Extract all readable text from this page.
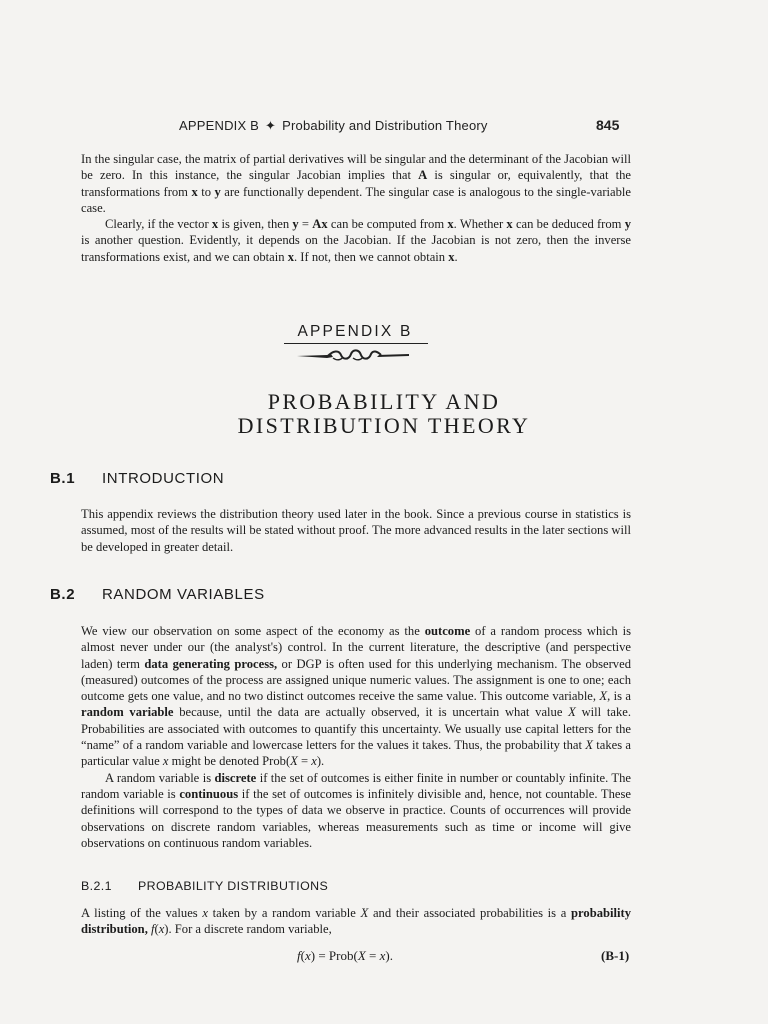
APPENDIX B ✦ Probability and Distribution Theory	845

In the singular case, the matrix of partial derivatives will be singular and the determinant of the Jacobian will be zero. In this instance, the singular Jacobian implies that A is singular or, equivalently, that the transformations from x to y are functionally dependent. The singular case is analogous to the single-variable case.

Clearly, if the vector x is given, then y = Ax can be computed from x. Whether x can be deduced from y is another question. Evidently, it depends on the Jacobian. If the Jacobian is not zero, then the inverse transformations exist, and we can obtain x. If not, then we cannot obtain x.

APPENDIX B
PROBABILITY AND
DISTRIBUTION THEORY
B.1 INTRODUCTION

This appendix reviews the distribution theory used later in the book. Since a previous course in statistics is assumed, most of the results will be stated without proof. The more advanced results in the later sections will be developed in greater detail.

B.2 RANDOM VARIABLES

We view our observation on some aspect of the economy as the outcome of a random process which is almost never under our (the analyst's) control. In the current literature, the descriptive (and perspective laden) term data generating process, or DGP is often used for this underlying mechanism. The observed (measured) outcomes of the process are assigned unique numeric values. The assignment is one to one; each outcome gets one value, and no two distinct outcomes receive the same value. This outcome variable, X, is a random variable because, until the data are actually observed, it is uncertain what value X will take. Probabilities are associated with outcomes to quantify this uncertainty. We usually use capital letters for the “name” of a random variable and lowercase letters for the values it takes. Thus, the probability that X takes a particular value x might be denoted Prob(X = x).

A random variable is discrete if the set of outcomes is either finite in number or countably infinite. The random variable is continuous if the set of outcomes is infinitely divisible and, hence, not countable. These definitions will correspond to the types of data we observe in practice. Counts of occurrences will provide observations on discrete random variables, whereas measurements such as time or income will give observations on continuous random variables.

B.2.1 PROBABILITY DISTRIBUTIONS

A listing of the values x taken by a random variable X and their associated probabilities is a probability distribution, f(x). For a discrete random variable,

f(x) = Prob(X = x).	(B-1)
